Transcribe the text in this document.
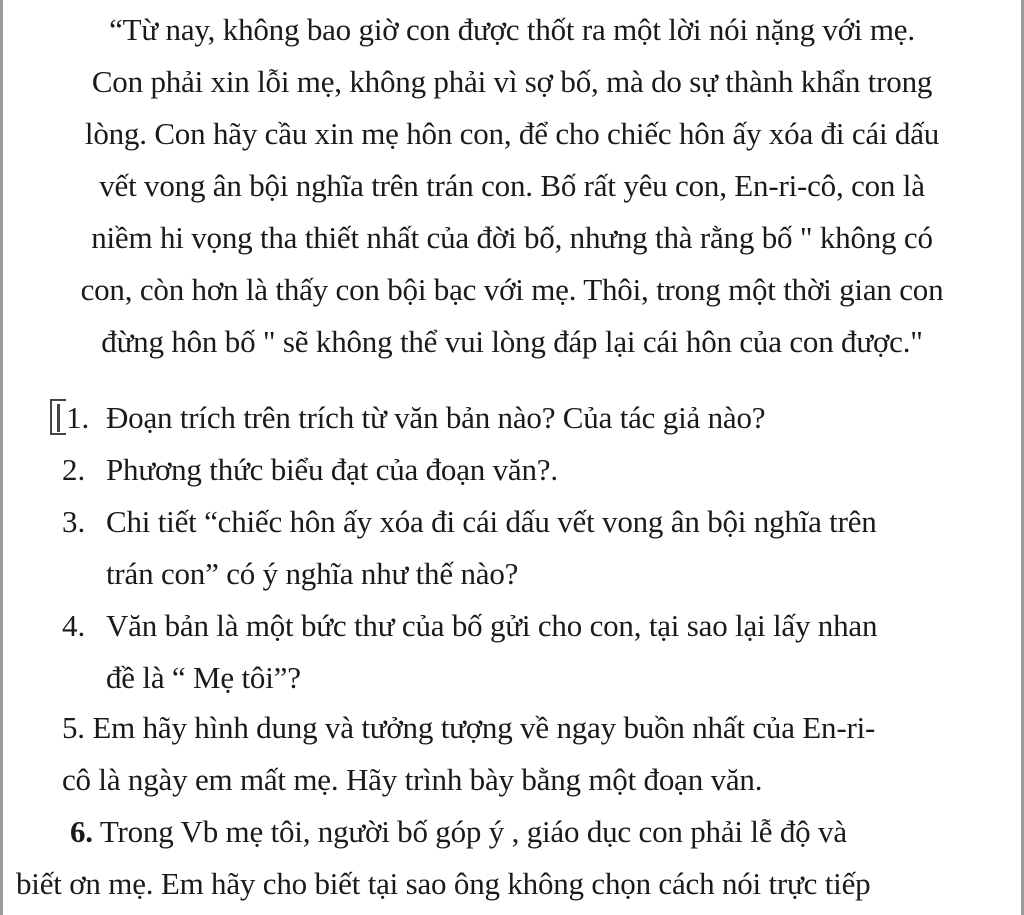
“Từ nay, không bao giờ con được thốt ra một lời nói nặng với mẹ.
Con phải xin lỗi mẹ, không phải vì sợ bố, mà do sự thành khẩn trong
lòng. Con hãy cầu xin mẹ hôn con, để cho chiếc hôn ấy xóa đi cái dấu
vết vong ân bội nghĩa trên trán con. Bố rất yêu con, En-ri-cô, con là
niềm hi vọng tha thiết nhất của đời bố, nhưng thà rằng bố " không có
con, còn hơn là thấy con bội bạc với mẹ. Thôi, trong một thời gian con
đừng hôn bố " sẽ không thể vui lòng đáp lại cái hôn của con được."
1. Đoạn trích trên trích từ văn bản nào? Của tác giả nào?
2. Phương thức biểu đạt của đoạn văn?.
3. Chi tiết “chiếc hôn ấy xóa đi cái dấu vết vong ân bội nghĩa trên
trán con” có ý nghĩa như thế nào?
4. Văn bản là một bức thư của bố gửi cho con, tại sao lại lấy nhan
đề là “ Mẹ tôi”?
5. Em hãy hình dung và tưởng tượng về ngay buồn nhất của En-ri-
cô là ngày em mất mẹ. Hãy trình bày bằng một đoạn văn.
6. Trong Vb mẹ tôi, người bố góp ý , giáo dục con phải lễ độ và
biết ơn mẹ. Em hãy cho biết tại sao ông không chọn cách nói trực tiếp
